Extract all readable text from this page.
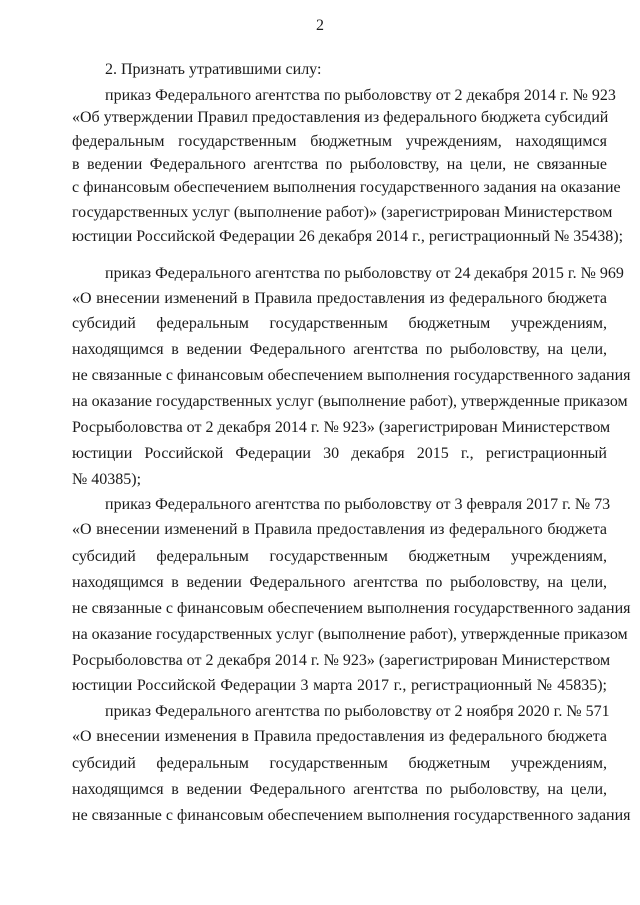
2
2. Признать утратившими силу:
приказ Федерального агентства по рыболовству от 2 декабря 2014 г. № 923
«Об утверждении Правил предоставления из федерального бюджета субсидий
федеральным государственным бюджетным учреждениям, находящимся
в ведении Федерального агентства по рыболовству, на цели, не связанные
с финансовым обеспечением выполнения государственного задания на оказание
государственных услуг (выполнение работ)» (зарегистрирован Министерством
юстиции Российской Федерации 26 декабря 2014 г., регистрационный № 35438);
приказ Федерального агентства по рыболовству от 24 декабря 2015 г. № 969
«О внесении изменений в Правила предоставления из федерального бюджета
субсидий федеральным государственным бюджетным учреждениям,
находящимся в ведении Федерального агентства по рыболовству, на цели,
не связанные с финансовым обеспечением выполнения государственного задания
на оказание государственных услуг (выполнение работ), утвержденные приказом
Росрыболовства от 2 декабря 2014 г. № 923» (зарегистрирован Министерством
юстиции Российской Федерации 30 декабря 2015 г., регистрационный
№ 40385);
приказ Федерального агентства по рыболовству от 3 февраля 2017 г. № 73
«О внесении изменений в Правила предоставления из федерального бюджета
субсидий федеральным государственным бюджетным учреждениям,
находящимся в ведении Федерального агентства по рыболовству, на цели,
не связанные с финансовым обеспечением выполнения государственного задания
на оказание государственных услуг (выполнение работ), утвержденные приказом
Росрыболовства от 2 декабря 2014 г. № 923» (зарегистрирован Министерством
юстиции Российской Федерации 3 марта 2017 г., регистрационный № 45835);
приказ Федерального агентства по рыболовству от 2 ноября 2020 г. № 571
«О внесении изменения в Правила предоставления из федерального бюджета
субсидий федеральным государственным бюджетным учреждениям,
находящимся в ведении Федерального агентства по рыболовству, на цели,
не связанные с финансовым обеспечением выполнения государственного задания
